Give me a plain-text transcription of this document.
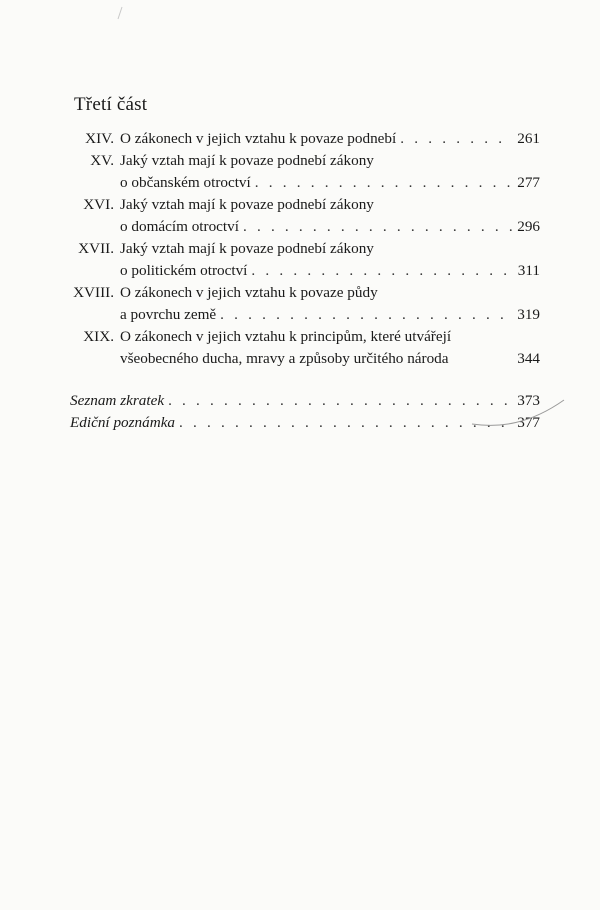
Třetí část
XIV. O zákonech v jejich vztahu k povaze podnebí . . .	261
XV. Jaký vztah mají k povaze podnebí zákony
o občanském otroctví . . .	277
XVI. Jaký vztah mají k povaze podnebí zákony
o domácím otroctví . . .	296
XVII. Jaký vztah mají k povaze podnebí zákony
o politickém otroctví . . .	311
XVIII. O zákonech v jejich vztahu k povaze půdy
a povrchu země . . .	319
XIX. O zákonech v jejich vztahu k principům, které utvářejí
všeobecného ducha, mravy a způsoby určitého národa	344
Seznam zkratek . . .	373
Ediční poznámka . . .	377
